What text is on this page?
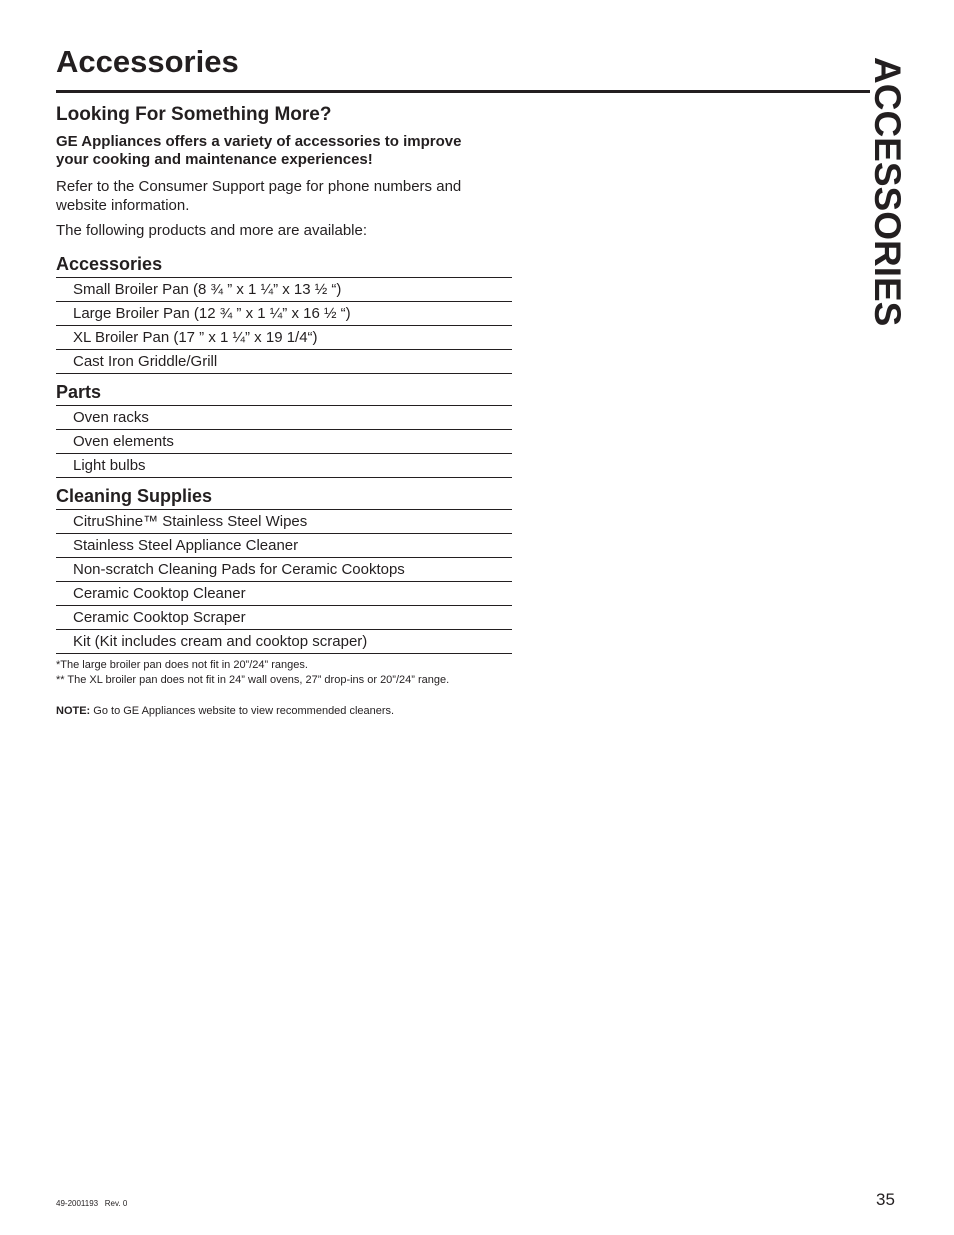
Accessories	ACCESSORIES
Looking For Something More?

GE Appliances offers a variety of accessories to improve your cooking and maintenance experiences!

Refer to the Consumer Support page for phone numbers and website information.

The following products and more are available:

Accessories
Small Broiler Pan (8 ¾ ” x 1 ¼” x 13 ½ “)
Large Broiler Pan (12 ¾ ” x 1 ¼” x 16 ½ “)
XL Broiler Pan (17 ” x 1 ¼” x 19 1/4“)
Cast Iron Griddle/Grill
Parts
Oven racks
Oven elements
Light bulbs
Cleaning Supplies
CitruShine™ Stainless Steel Wipes
Stainless Steel Appliance Cleaner
Non-scratch Cleaning Pads for Ceramic Cooktops
Ceramic Cooktop Cleaner
Ceramic Cooktop Scraper
Kit (Kit includes cream and cooktop scraper)
*The large broiler pan does not fit in 20”/24” ranges.
** The XL broiler pan does not fit in 24” wall ovens, 27” drop-ins or 20”/24” range.
NOTE: Go to GE Appliances website to view recommended cleaners.
49-2001193   Rev. 0	35
